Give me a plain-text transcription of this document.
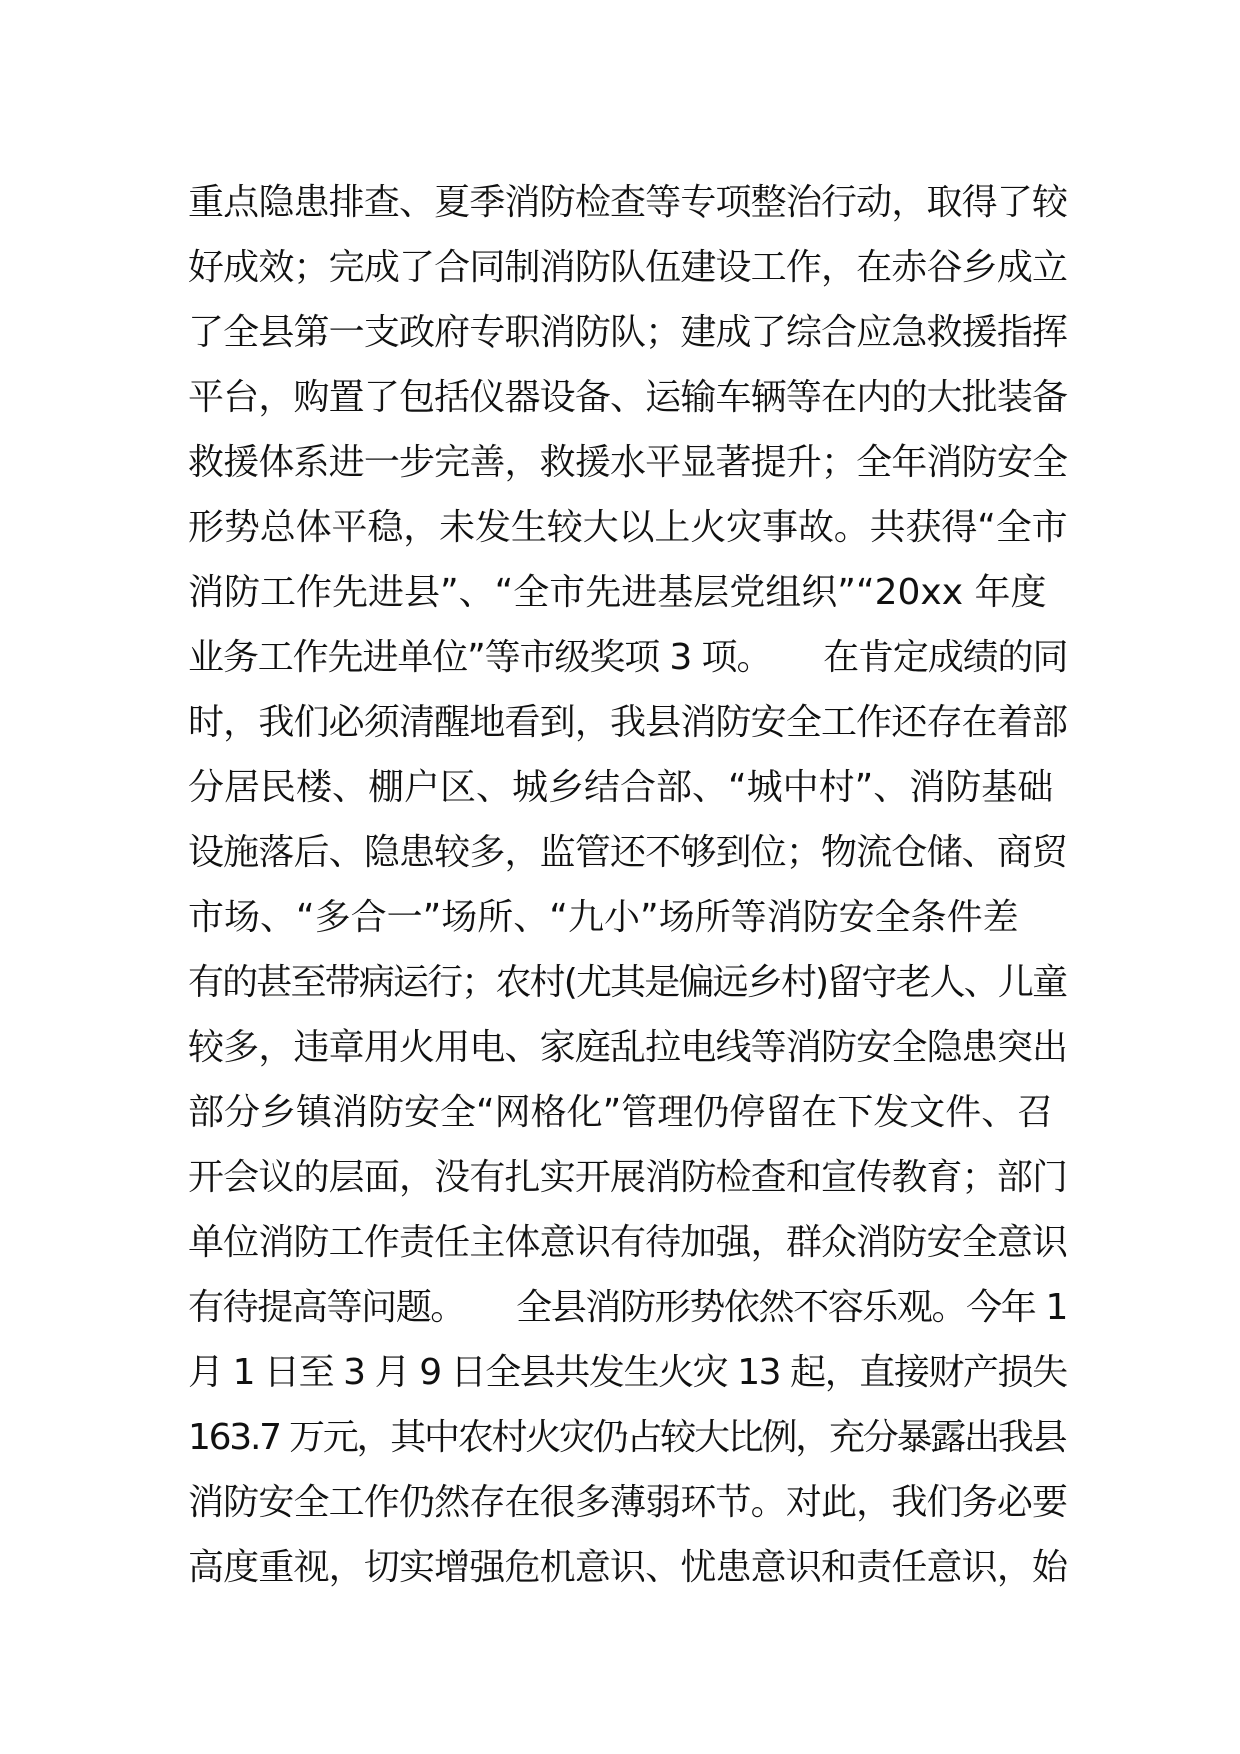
重点隐患排查、夏季消防检查等专项整治行动，取得了较
好成效；完成了合同制消防队伍建设工作，在赤谷乡成立
了全县第一支政府专职消防队；建成了综合应急救援指挥
平台，购置了包括仪器设备、运输车辆等在内的大批装备
救援体系进一步完善，救援水平显著提升；全年消防安全
形势总体平稳，未发生较大以上火灾事故。共获得“全市
消防工作先进县”、“全市先进基层党组织”“20xx 年度
业务工作先进单位”等市级奖项 3 项。　　在肯定成绩的同
时，我们必须清醒地看到，我县消防安全工作还存在着部
分居民楼、棚户区、城乡结合部、“城中村”、消防基础
设施落后、隐患较多，监管还不够到位；物流仓储、商贸
市场、“多合一”场所、“九小”场所等消防安全条件差
有的甚至带病运行；农村(尤其是偏远乡村)留守老人、儿童
较多，违章用火用电、家庭乱拉电线等消防安全隐患突出
部分乡镇消防安全“网格化”管理仍停留在下发文件、召
开会议的层面，没有扎实开展消防检查和宣传教育；部门
单位消防工作责任主体意识有待加强，群众消防安全意识
有待提高等问题。　　全县消防形势依然不容乐观。今年 1
月 1 日至 3 月 9 日全县共发生火灾 13 起，直接财产损失
163.7 万元，其中农村火灾仍占较大比例，充分暴露出我县
消防安全工作仍然存在很多薄弱环节。对此，我们务必要
高度重视，切实增强危机意识、忧患意识和责任意识，始
